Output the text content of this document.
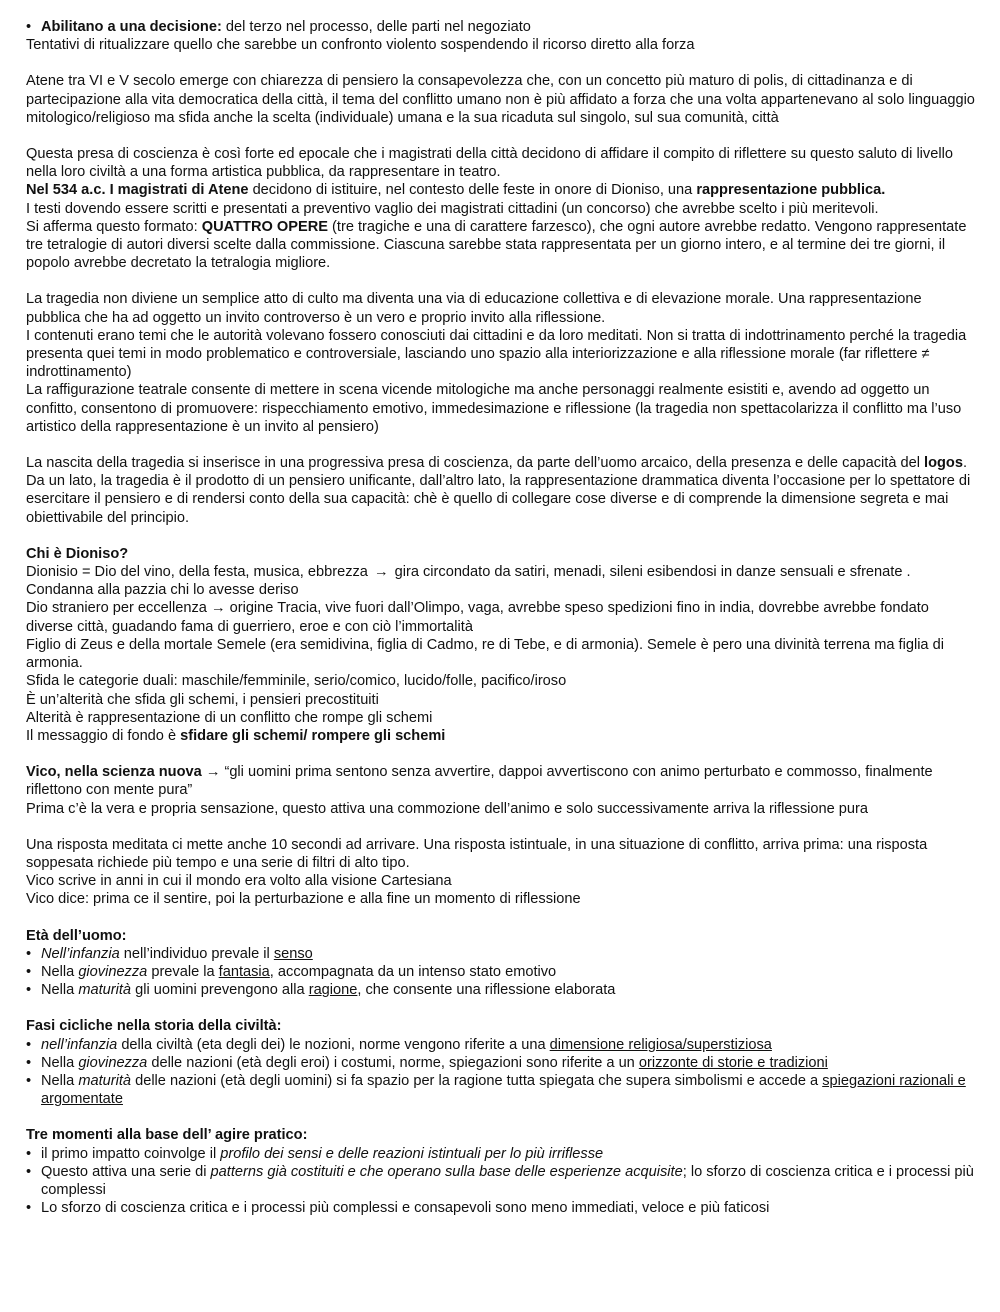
• Abilitano a una decisione: del terzo nel processo, delle parti nel negoziato

Tentativi di ritualizzare quello che sarebbe un confronto violento sospendendo il ricorso diretto alla forza

Atene tra VI e V secolo emerge con chiarezza di pensiero la consapevolezza che, con un concetto più maturo di polis, di cittadinanza e di partecipazione alla vita democratica della città, il tema del conflitto umano non è più affidato a forza che una volta appartenevano al solo linguaggio mitologico/religioso ma sfida anche la scelta (individuale) umana e la sua ricaduta sul singolo, sul sua comunità, città

Questa presa di coscienza è così forte ed epocale che i magistrati della città decidono di affidare il compito di riflettere su questo saluto di livello nella loro civiltà a una forma artistica pubblica, da rappresentare in teatro.

Nel 534 a.c. I magistrati di Atene decidono di istituire, nel contesto delle feste in onore di Dioniso, una rappresentazione pubblica.

I testi dovendo essere scritti e presentati a preventivo vaglio dei magistrati cittadini (un concorso) che avrebbe scelto i più meritevoli.

Si afferma questo formato: QUATTRO OPERE (tre tragiche e una di carattere farzesco), che ogni autore avrebbe redatto. Vengono rappresentate tre tetralogie di autori diversi scelte dalla commissione. Ciascuna sarebbe stata rappresentata per un giorno intero, e al termine dei tre giorni, il popolo avrebbe decretato la tetralogia migliore.

La tragedia non diviene un semplice atto di culto ma diventa una via di educazione collettiva e di elevazione morale. Una rappresentazione pubblica che ha ad oggetto un invito controverso è un vero e proprio invito alla riflessione.

I contenuti erano temi che le autorità volevano fossero conosciuti dai cittadini e da loro meditati. Non si tratta di indottrinamento perché la tragedia presenta quei temi in modo problematico e controversiale, lasciando uno spazio alla interiorizzazione e alla riflessione morale (far riflettere ≠ indrottinamento)

La raffigurazione teatrale consente di mettere in scena vicende mitologiche ma anche personaggi realmente esistiti e, avendo ad oggetto un confitto, consentono di promuovere: rispecchiamento emotivo, immedesimazione e riflessione (la tragedia non spettacolarizza il conflitto ma l’uso artistico della rappresentazione è un invito al pensiero)

La nascita della tragedia si inserisce in una progressiva presa di coscienza, da parte dell’uomo arcaico, della presenza e delle capacità del logos. Da un lato, la tragedia è il prodotto di un pensiero unificante, dall’altro lato, la rappresentazione drammatica diventa l’occasione per lo spettatore di esercitare il pensiero e di rendersi conto della sua capacità: chè è quello di collegare cose diverse e di comprende la dimensione segreta e mai obiettivabile del principio.

Chi è Dioniso?

Dionisio = Dio del vino, della festa, musica, ebbrezza → gira circondato da satiri, menadi, sileni esibendosi in danze sensuali e sfrenate .

Condanna alla pazzia chi lo avesse deriso

Dio straniero per eccellenza → origine Tracia, vive fuori dall’Olimpo, vaga, avrebbe speso spedizioni fino in india, dovrebbe avrebbe fondato diverse città, guadando fama di guerriero, eroe e con ciò l’immortalità

Figlio di Zeus e della mortale Semele (era semidivina, figlia di Cadmo, re di Tebe, e di armonia). Semele è pero una divinità terrena ma figlia di armonia.

Sfida le categorie duali: maschile/femminile, serio/comico, lucido/folle, pacifico/iroso

È un’alterità che sfida gli schemi, i pensieri precostituiti

Alterità è rappresentazione di un conflitto che rompe gli schemi

Il messaggio di fondo è sfidare gli schemi/ rompere gli schemi

Vico, nella scienza nuova → “gli uomini prima sentono senza avvertire, dappoi avvertiscono con animo perturbato e commosso, finalmente riflettono con mente pura”

Prima c’è la vera e propria sensazione, questo attiva una commozione dell’animo e solo successivamente arriva la riflessione pura

Una risposta meditata ci mette anche 10 secondi ad arrivare. Una risposta istintuale, in una situazione di conflitto, arriva prima: una risposta soppesata richiede più tempo e una serie di filtri di alto tipo.

Vico scrive in anni in cui il mondo era volto alla visione Cartesiana

Vico dice: prima ce il sentire, poi la perturbazione e alla fine un momento di riflessione

Età dell’uomo:

• Nell’infanzia nell’individuo prevale il senso
• Nella giovinezza prevale la fantasia, accompagnata da un intenso stato emotivo
• Nella maturità gli uomini prevengono alla ragione, che consente una riflessione elaborata

Fasi cicliche nella storia della civiltà:

• nell’infanzia della civiltà (eta degli dei) le nozioni, norme vengono riferite a una dimensione religiosa/superstiziosa
• Nella giovinezza delle nazioni (età degli eroi) i costumi, norme, spiegazioni sono riferite a un orizzonte di storie e tradizioni
• Nella maturità delle nazioni (età degli uomini) si fa spazio per la ragione tutta spiegata che supera simbolismi e accede a spiegazioni razionali e argomentate

Tre momenti alla base dell’ agire pratico:

• il primo impatto coinvolge il profilo dei sensi e delle reazioni istintuali per lo più irriflesse
• Questo attiva una serie di patterns già costituiti e che operano sulla base delle esperienze acquisite; lo sforzo di coscienza critica e i processi più complessi
• Lo sforzo di coscienza critica e i processi più complessi e consapevoli sono meno immediati, veloce e più faticosi
